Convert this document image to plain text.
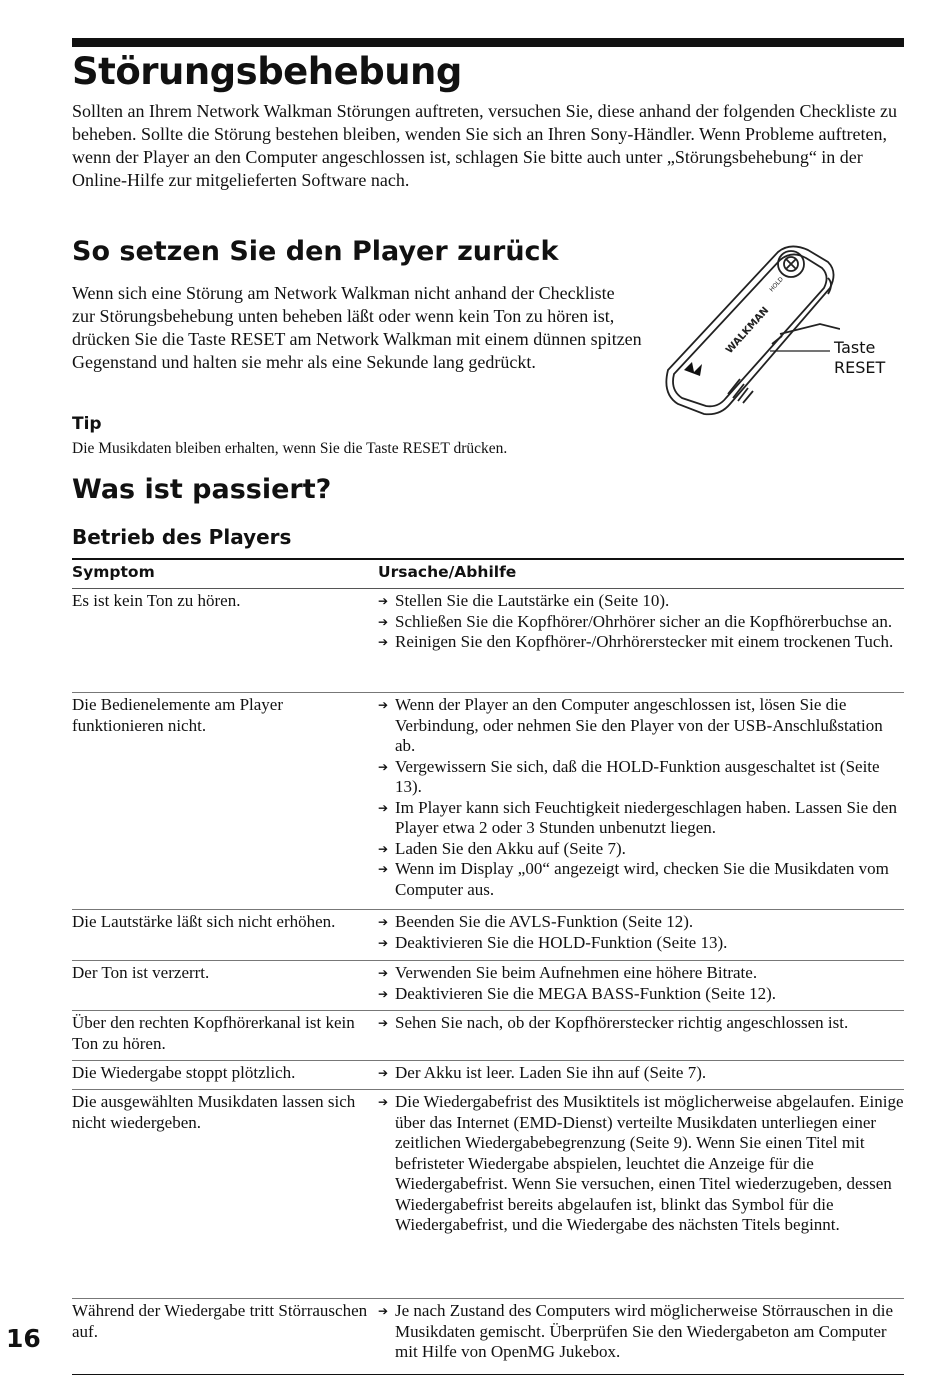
Störungsbehebung

Sollten an Ihrem Network Walkman Störungen auftreten, versuchen Sie, diese anhand der folgenden Checkliste zu beheben. Sollte die Störung bestehen bleiben, wenden Sie sich an Ihren Sony-Händler. Wenn Probleme auftreten, wenn der Player an den Computer angeschlossen ist, schlagen Sie bitte auch unter „Störungsbehebung“ in der Online-Hilfe zur mitgelieferten Software nach.

So setzen Sie den Player zurück

Wenn sich eine Störung am Network Walkman nicht anhand der Checkliste zur Störungsbehebung unten beheben läßt oder wenn kein Ton zu hören ist, drücken Sie die Taste RESET am Network Walkman mit einem dünnen spitzen Gegenstand und halten sie mehr als eine Sekunde lang gedrückt.

Tip
Die Musikdaten bleiben erhalten, wenn Sie die Taste RESET drücken.
WALKMAN
HOLD
Taste
RESET
Was ist passiert?
Betrieb des Players
Symptom	Ursache/Abhilfe
Es ist kein Ton zu hören.	➔ Stellen Sie die Lautstärke ein (Seite 10).
➔ Schließen Sie die Kopfhörer/Ohrhörer sicher an die Kopfhörerbuchse an.
➔ Reinigen Sie den Kopfhörer-/Ohrhörerstecker mit einem trockenen Tuch.
Die Bedienelemente am Player funktionieren nicht.
➔ Wenn der Player an den Computer angeschlossen ist, lösen Sie die Verbindung, oder nehmen Sie den Player von der USB-Anschlußstation ab.
➔ Vergewissern Sie sich, daß die HOLD-Funktion ausgeschaltet ist (Seite 13).
➔ Im Player kann sich Feuchtigkeit niedergeschlagen haben. Lassen Sie den Player etwa 2 oder 3 Stunden unbenutzt liegen.
➔ Laden Sie den Akku auf (Seite 7).
➔ Wenn im Display „00“ angezeigt wird, checken Sie die Musikdaten vom Computer aus.
Die Lautstärke läßt sich nicht erhöhen.	➔ Beenden Sie die AVLS-Funktion (Seite 12).
➔ Deaktivieren Sie die HOLD-Funktion (Seite 13).
Der Ton ist verzerrt.	➔ Verwenden Sie beim Aufnehmen eine höhere Bitrate.
➔ Deaktivieren Sie die MEGA BASS-Funktion (Seite 12).
Über den rechten Kopfhörerkanal ist kein Ton zu hören.
➔ Sehen Sie nach, ob der Kopfhörerstecker richtig angeschlossen ist.
Die Wiedergabe stoppt plötzlich.	➔ Der Akku ist leer. Laden Sie ihn auf (Seite 7).
Die ausgewählten Musikdaten lassen sich nicht wiedergeben.
➔ Die Wiedergabefrist des Musiktitels ist möglicherweise abgelaufen. Einige über das Internet (EMD-Dienst) verteilte Musikdaten unterliegen einer zeitlichen Wiedergabebegrenzung (Seite 9). Wenn Sie einen Titel mit befristeter Wiedergabe abspielen, leuchtet die Anzeige für die Wiedergabefrist. Wenn Sie versuchen, einen Titel wiederzugeben, dessen Wiedergabefrist bereits abgelaufen ist, blinkt das Symbol für die Wiedergabefrist, und die Wiedergabe des nächsten Titels beginnt.
Während der Wiedergabe tritt Störrauschen auf.
➔ Je nach Zustand des Computers wird möglicherweise Störrauschen in die Musikdaten gemischt. Überprüfen Sie den Wiedergabeton am Computer mit Hilfe von OpenMG Jukebox.
16
